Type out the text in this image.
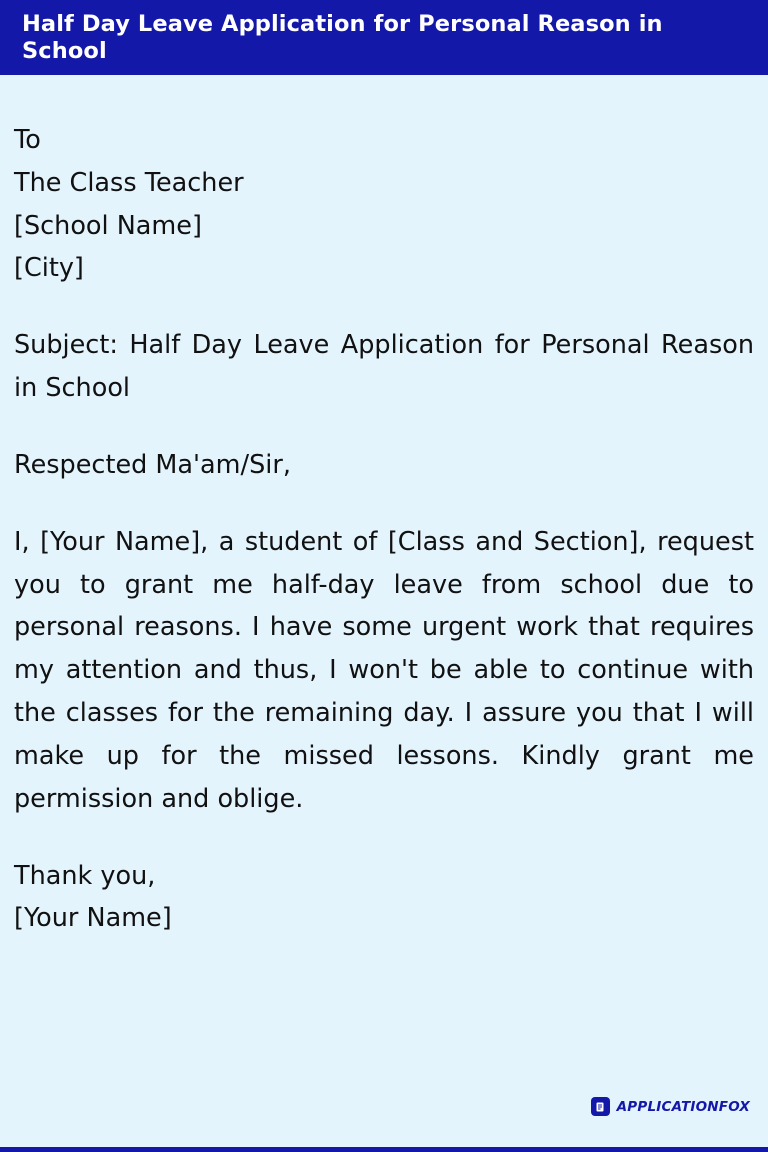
Half Day Leave Application for Personal Reason in School

To

The Class Teacher

[School Name]

[City]

Subject: Half Day Leave Application for Personal Reason in School
Respected Ma'am/Sir,
I, [Your Name], a student of [Class and Section], request you to grant me half-day leave from school due to personal reasons. I have some urgent work that requires my attention and thus, I won't be able to continue with the classes for the remaining day. I assure you that I will make up for the missed lessons. Kindly grant me permission and oblige.

Thank you,

[Your Name]

APPLICATIONFOX
